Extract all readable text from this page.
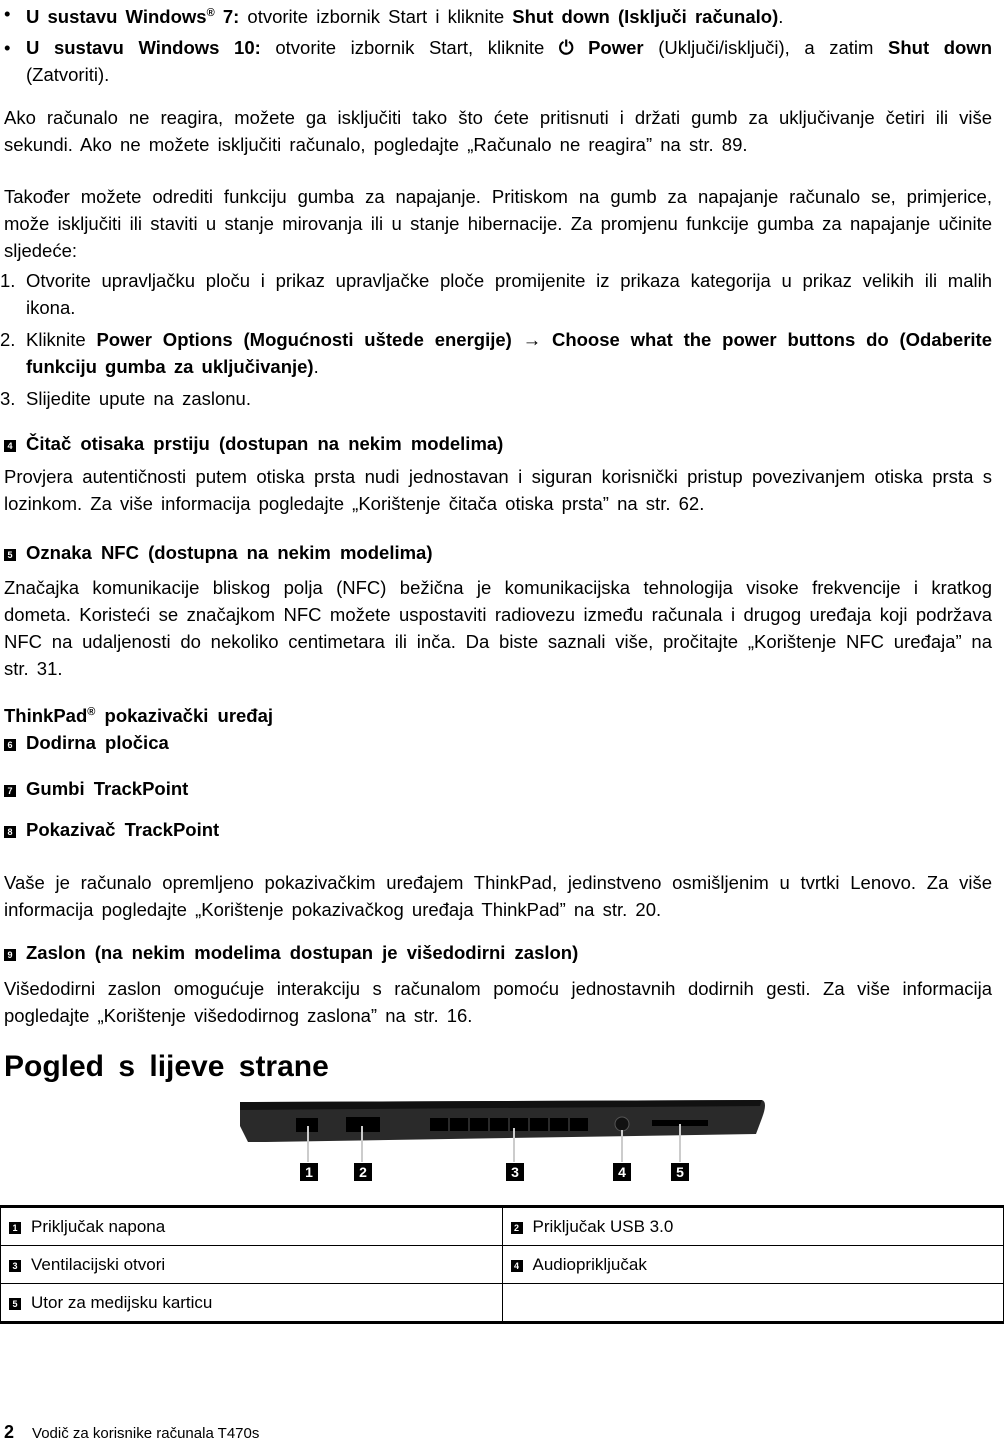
• U sustavu Windows® 7: otvorite izbornik Start i kliknite Shut down (Isključi računalo).
• U sustavu Windows 10: otvorite izbornik Start, kliknite ⏻ Power (Uključi/isključi), a zatim Shut down (Zatvoriti).
Ako računalo ne reagira, možete ga isključiti tako što ćete pritisnuti i držati gumb za uključivanje četiri ili više sekundi. Ako ne možete isključiti računalo, pogledajte „Računalo ne reagira” na str. 89.
Također možete odrediti funkciju gumba za napajanje. Pritiskom na gumb za napajanje računalo se, primjerice, može isključiti ili staviti u stanje mirovanja ili u stanje hibernacije. Za promjenu funkcije gumba za napajanje učinite sljedeće:
1. Otvorite upravljačku ploču i prikaz upravljačke ploče promijenite iz prikaza kategorija u prikaz velikih ili malih ikona.
2. Kliknite Power Options (Mogućnosti uštede energije) → Choose what the power buttons do (Odaberite funkciju gumba za uključivanje).
3. Slijedite upute na zaslonu.
4 Čitač otisaka prstiju (dostupan na nekim modelima)
Provjera autentičnosti putem otiska prsta nudi jednostavan i siguran korisnički pristup povezivanjem otiska prsta s lozinkom. Za više informacija pogledajte „Korištenje čitača otiska prsta” na str. 62.
5 Oznaka NFC (dostupna na nekim modelima)
Značajka komunikacije bliskog polja (NFC) bežična je komunikacijska tehnologija visoke frekvencije i kratkog dometa. Koristeći se značajkom NFC možete uspostaviti radiovezu između računala i drugog uređaja koji podržava NFC na udaljenosti do nekoliko centimetara ili inča. Da biste saznali više, pročitajte „Korištenje NFC uređaja” na str. 31.
ThinkPad® pokazivački uređaj
6 Dodirna pločica
7 Gumbi TrackPoint
8 Pokazivač TrackPoint
Vaše je računalo opremljeno pokazivačkim uređajem ThinkPad, jedinstveno osmišljenim u tvrtki Lenovo. Za više informacija pogledajte „Korištenje pokazivačkog uređaja ThinkPad” na str. 20.
9 Zaslon (na nekim modelima dostupan je višedodirni zaslon)
Višedodirni zaslon omogućuje interakciju s računalom pomoću jednostavnih dodirnih gesti. Za više informacija pogledajte „Korištenje višedodirnog zaslona” na str. 16.
Pogled s lijeve strane
1	2	3	4	5
1 Priključak napona	2 Priključak USB 3.0
3 Ventilacijski otvori	4 Audiopriključak
5 Utor za medijsku karticu	
2 Vodič za korisnike računala T470s
